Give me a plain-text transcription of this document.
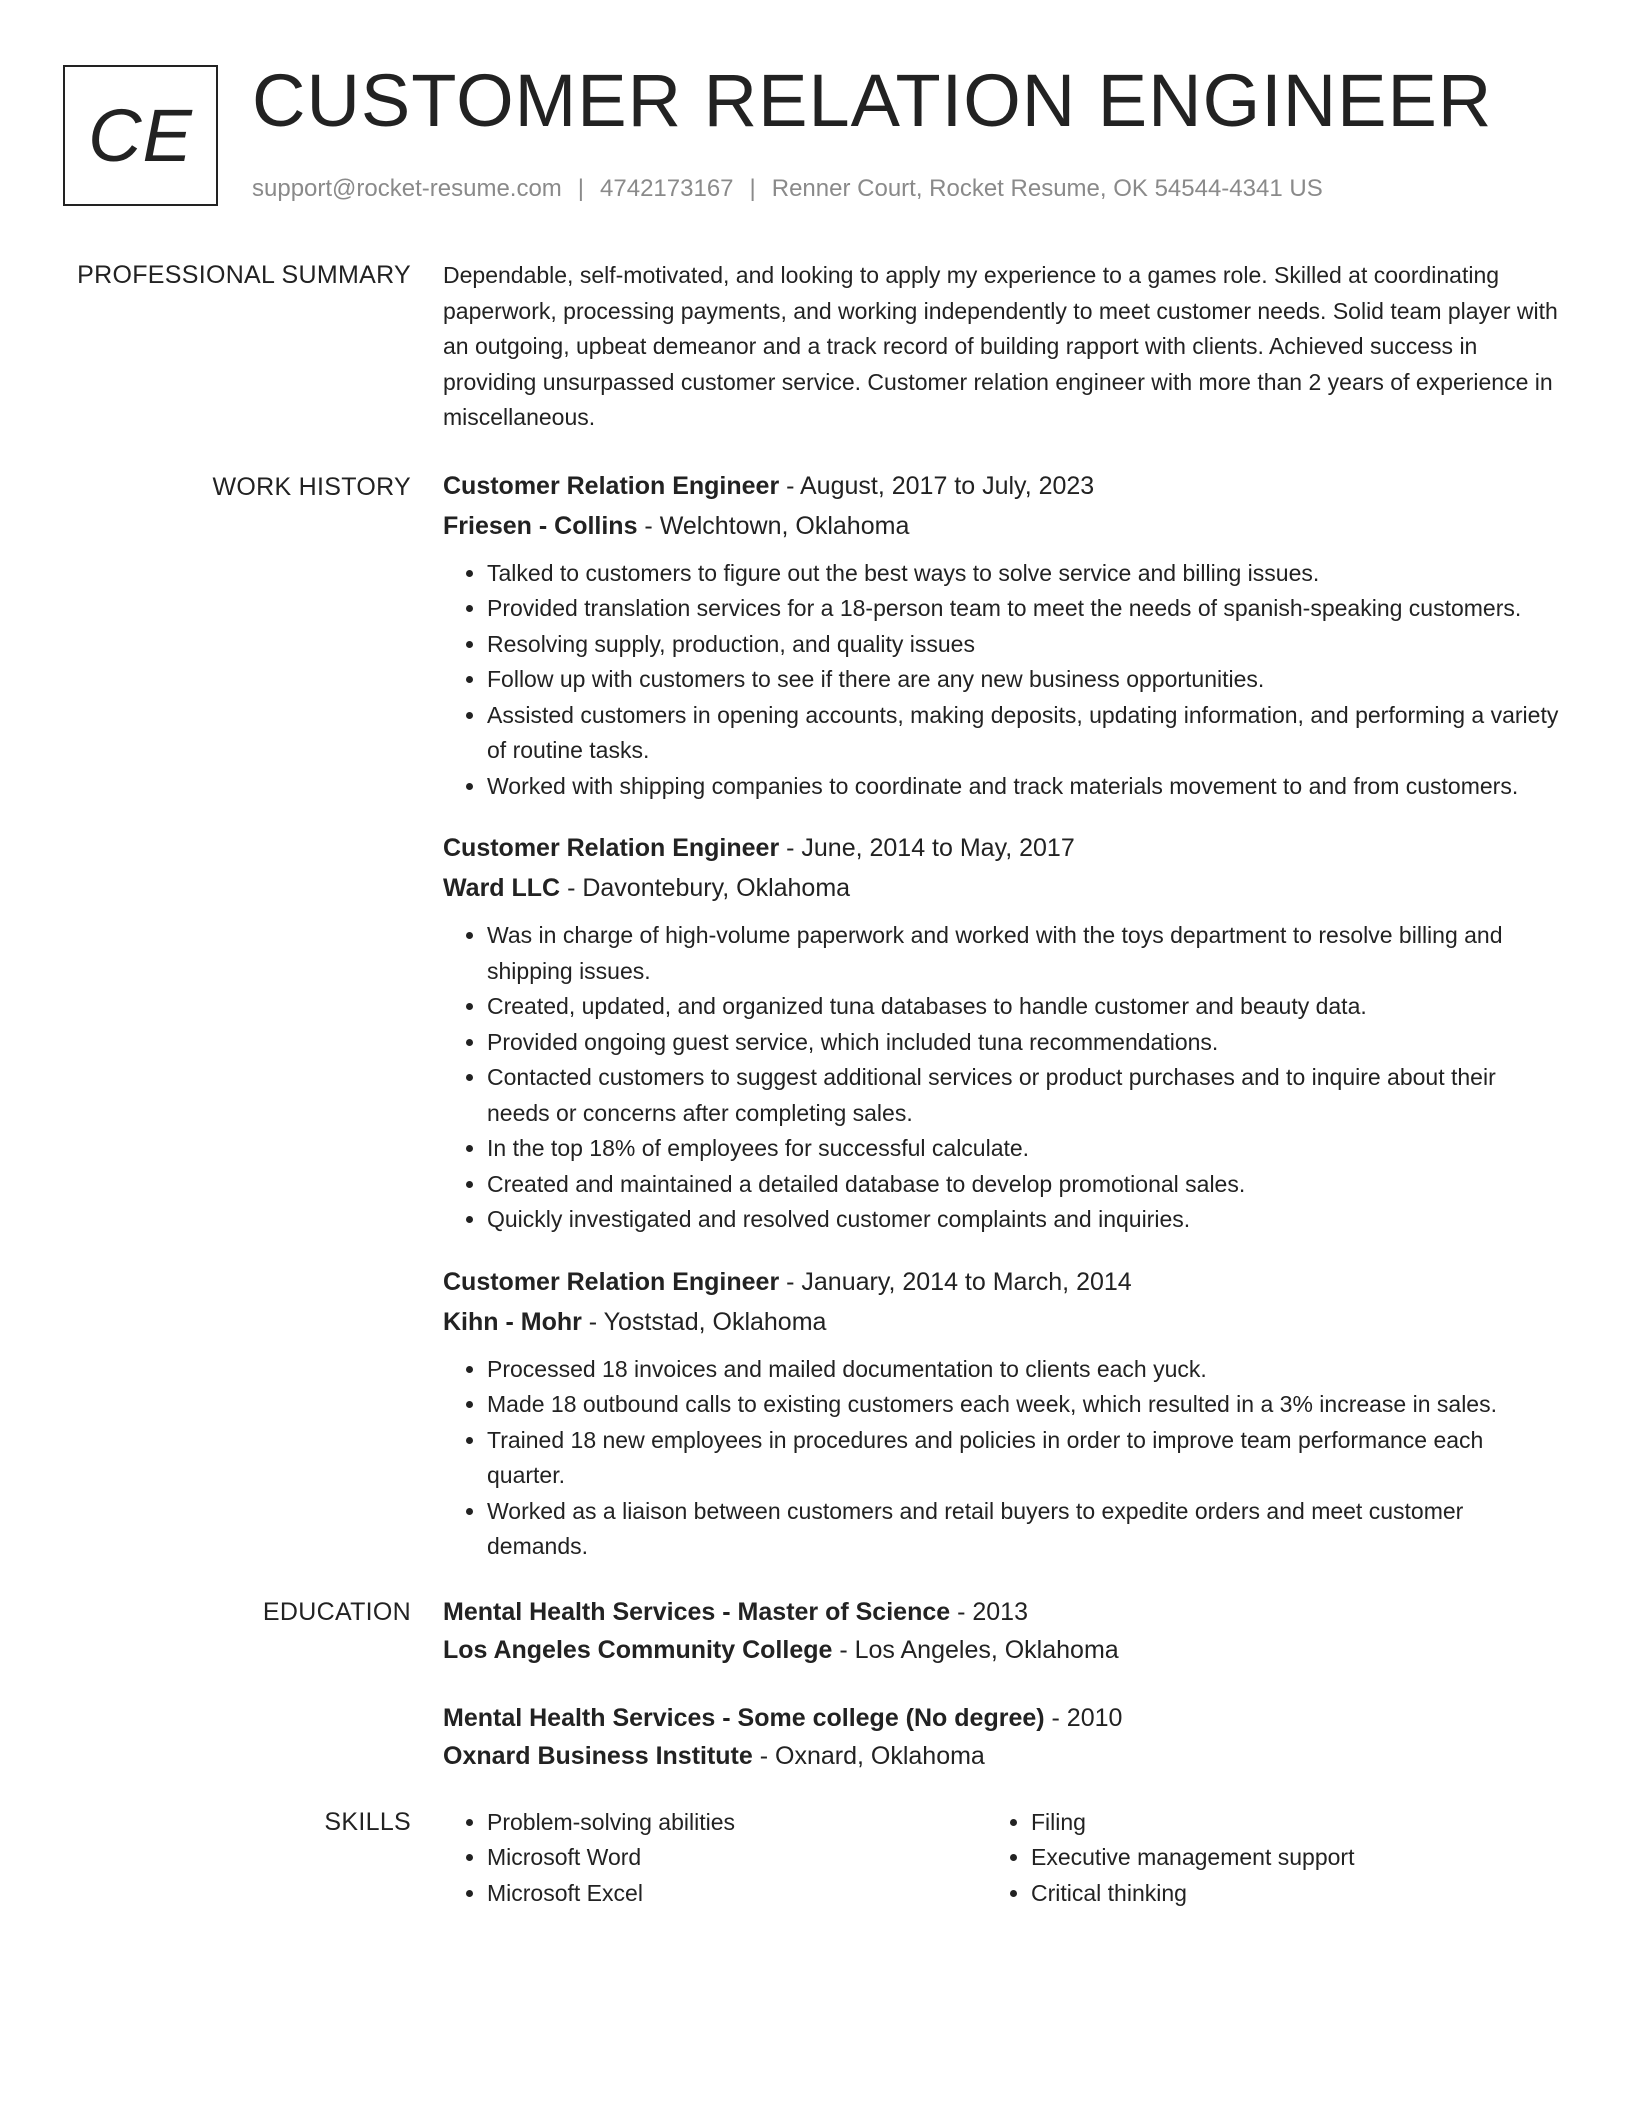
CE CUSTOMER RELATION ENGINEER
support@rocket-resume.com | 4742173167 | Renner Court, Rocket Resume, OK 54544-4341 US
PROFESSIONAL SUMMARY Dependable, self-motivated, and looking to apply my experience to a games role. Skilled at coordinating paperwork, processing payments, and working independently to meet customer needs. Solid team player with an outgoing, upbeat demeanor and a track record of building rapport with clients. Achieved success in providing unsurpassed customer service. Customer relation engineer with more than 2 years of experience in miscellaneous.

WORK HISTORY Customer Relation Engineer - August, 2017 to July, 2023
Friesen - Collins - Welchtown, Oklahoma
• Talked to customers to figure out the best ways to solve service and billing issues.
• Provided translation services for a 18-person team to meet the needs of spanish-speaking customers.
• Resolving supply, production, and quality issues
• Follow up with customers to see if there are any new business opportunities.
• Assisted customers in opening accounts, making deposits, updating information, and performing a variety of routine tasks.
• Worked with shipping companies to coordinate and track materials movement to and from customers.
Customer Relation Engineer - June, 2014 to May, 2017
Ward LLC - Davontebury, Oklahoma
• Was in charge of high-volume paperwork and worked with the toys department to resolve billing and shipping issues.
• Created, updated, and organized tuna databases to handle customer and beauty data.
• Provided ongoing guest service, which included tuna recommendations.
• Contacted customers to suggest additional services or product purchases and to inquire about their needs or concerns after completing sales.
• In the top 18% of employees for successful calculate.
• Created and maintained a detailed database to develop promotional sales.
• Quickly investigated and resolved customer complaints and inquiries.
Customer Relation Engineer - January, 2014 to March, 2014
Kihn - Mohr - Yoststad, Oklahoma
• Processed 18 invoices and mailed documentation to clients each yuck.
• Made 18 outbound calls to existing customers each week, which resulted in a 3% increase in sales.
• Trained 18 new employees in procedures and policies in order to improve team performance each quarter.
• Worked as a liaison between customers and retail buyers to expedite orders and meet customer demands.
EDUCATION Mental Health Services - Master of Science - 2013
Los Angeles Community College - Los Angeles, Oklahoma
Mental Health Services - Some college (No degree) - 2010
Oxnard Business Institute - Oxnard, Oklahoma
SKILLS
•	Problem-solving abilities
• Microsoft Word
• Microsoft Excel
• Filing
• Executive management support
• Critical thinking
